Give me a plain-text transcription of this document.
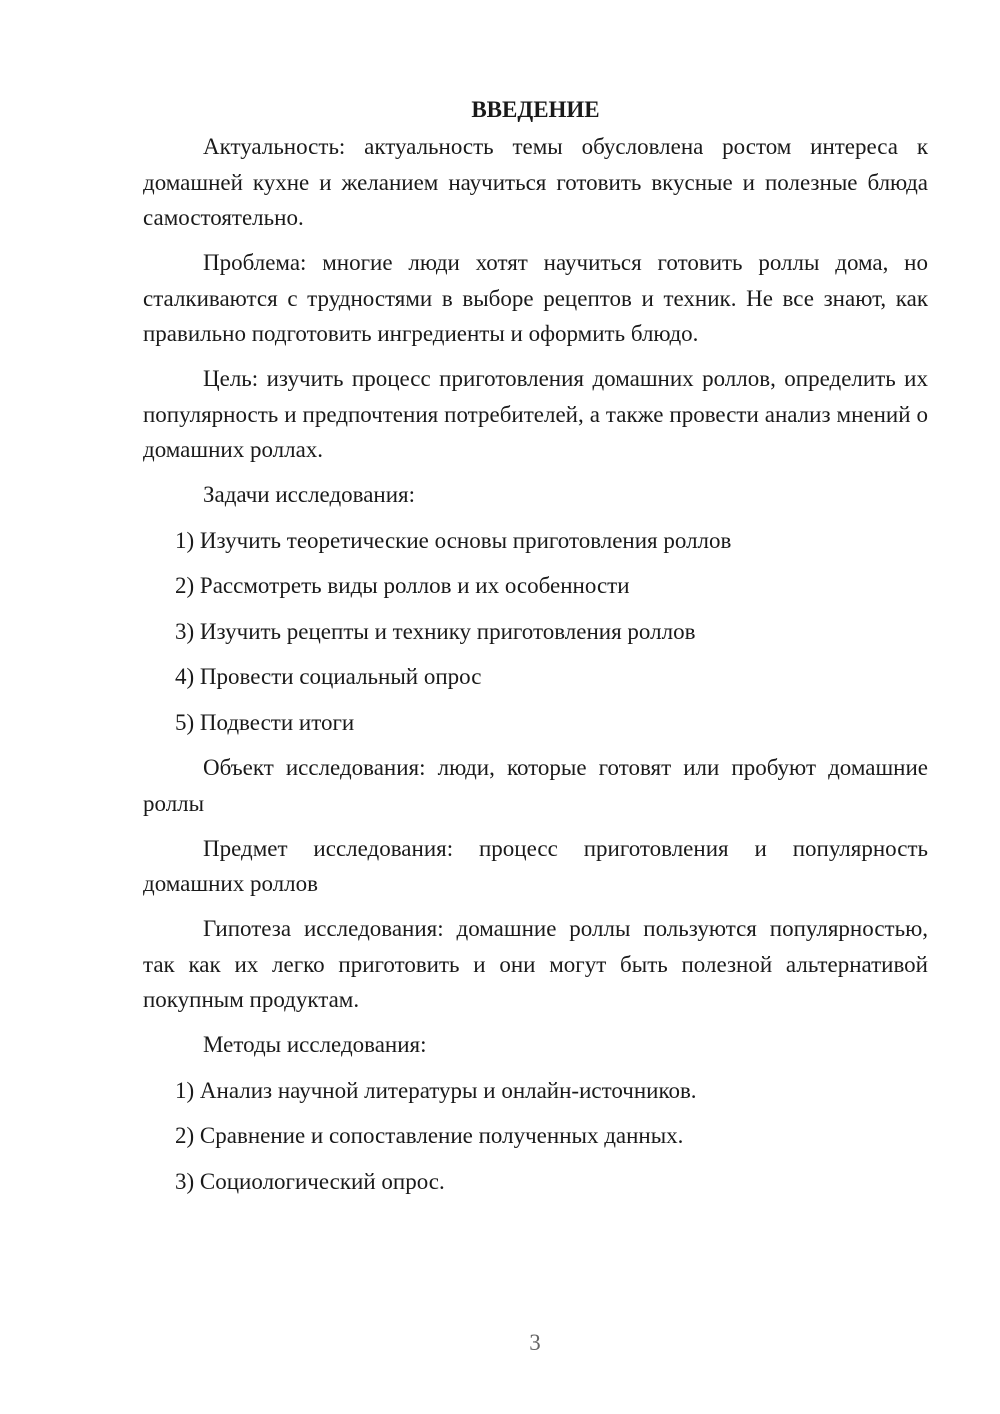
ВВЕДЕНИЕ

Актуальность: актуальность темы обусловлена ростом интереса к домашней кухне и желанием научиться готовить вкусные и полезные блюда самостоятельно.

Проблема: многие люди хотят научиться готовить роллы дома, но сталкиваются с трудностями в выборе рецептов и техник. Не все знают, как правильно подготовить ингредиенты и оформить блюдо.

Цель: изучить процесс приготовления домашних роллов, определить их популярность и предпочтения потребителей, а также провести анализ мнений о домашних роллах.

Задачи исследования:

1) Изучить теоретические основы приготовления роллов

2) Рассмотреть виды роллов и их особенности

3) Изучить рецепты и технику приготовления роллов

4) Провести социальный опрос

5) Подвести итоги

Объект исследования: люди, которые готовят или пробуют домашние роллы

Предмет исследования: процесс приготовления и популярность домашних роллов

Гипотеза исследования: домашние роллы пользуются популярностью, так как их легко приготовить и они могут быть полезной альтернативой покупным продуктам.

Методы исследования:

1) Анализ научной литературы и онлайн-источников.

2) Сравнение и сопоставление полученных данных.

3) Социологический опрос.

3
